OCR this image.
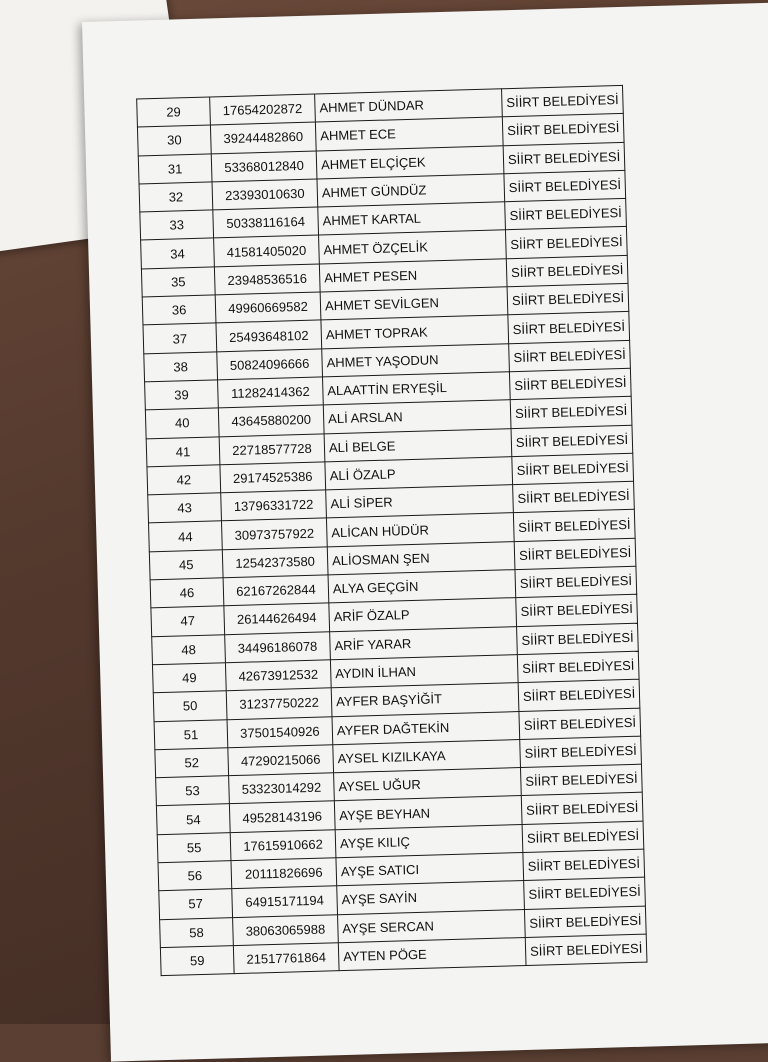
29	17654202872	AHMET DÜNDAR	SİİRT BELEDİYESİ
30	39244482860	AHMET ECE	SİİRT BELEDİYESİ
31	53368012840	AHMET ELÇİÇEK	SİİRT BELEDİYESİ
32	23393010630	AHMET GÜNDÜZ	SİİRT BELEDİYESİ
33	50338116164	AHMET KARTAL	SİİRT BELEDİYESİ
34	41581405020	AHMET ÖZÇELİK	SİİRT BELEDİYESİ
35	23948536516	AHMET PESEN	SİİRT BELEDİYESİ
36	49960669582	AHMET SEVİLGEN	SİİRT BELEDİYESİ
37	25493648102	AHMET TOPRAK	SİİRT BELEDİYESİ
38	50824096666	AHMET YAŞODUN	SİİRT BELEDİYESİ
39	11282414362	ALAATTİN ERYEŞİL	SİİRT BELEDİYESİ
40	43645880200	ALİ ARSLAN	SİİRT BELEDİYESİ
41	22718577728	ALİ BELGE	SİİRT BELEDİYESİ
42	29174525386	ALİ ÖZALP	SİİRT BELEDİYESİ
43	13796331722	ALİ SİPER	SİİRT BELEDİYESİ
44	30973757922	ALİCAN HÜDÜR	SİİRT BELEDİYESİ
45	12542373580	ALİOSMAN ŞEN	SİİRT BELEDİYESİ
46	62167262844	ALYA GEÇGİN	SİİRT BELEDİYESİ
47	26144626494	ARİF ÖZALP	SİİRT BELEDİYESİ
48	34496186078	ARİF YARAR	SİİRT BELEDİYESİ
49	42673912532	AYDIN İLHAN	SİİRT BELEDİYESİ
50	31237750222	AYFER BAŞYİĞİT	SİİRT BELEDİYESİ
51	37501540926	AYFER DAĞTEKİN	SİİRT BELEDİYESİ
52	47290215066	AYSEL KIZILKAYA	SİİRT BELEDİYESİ
53	53323014292	AYSEL UĞUR	SİİRT BELEDİYESİ
54	49528143196	AYŞE BEYHAN	SİİRT BELEDİYESİ
55	17615910662	AYŞE KILIÇ	SİİRT BELEDİYESİ
56	20111826696	AYŞE SATICI	SİİRT BELEDİYESİ
57	64915171194	AYŞE SAYİN	SİİRT BELEDİYESİ
58	38063065988	AYŞE SERCAN	SİİRT BELEDİYESİ
59	21517761864	AYTEN PÖGE	SİİRT BELEDİYESİ
